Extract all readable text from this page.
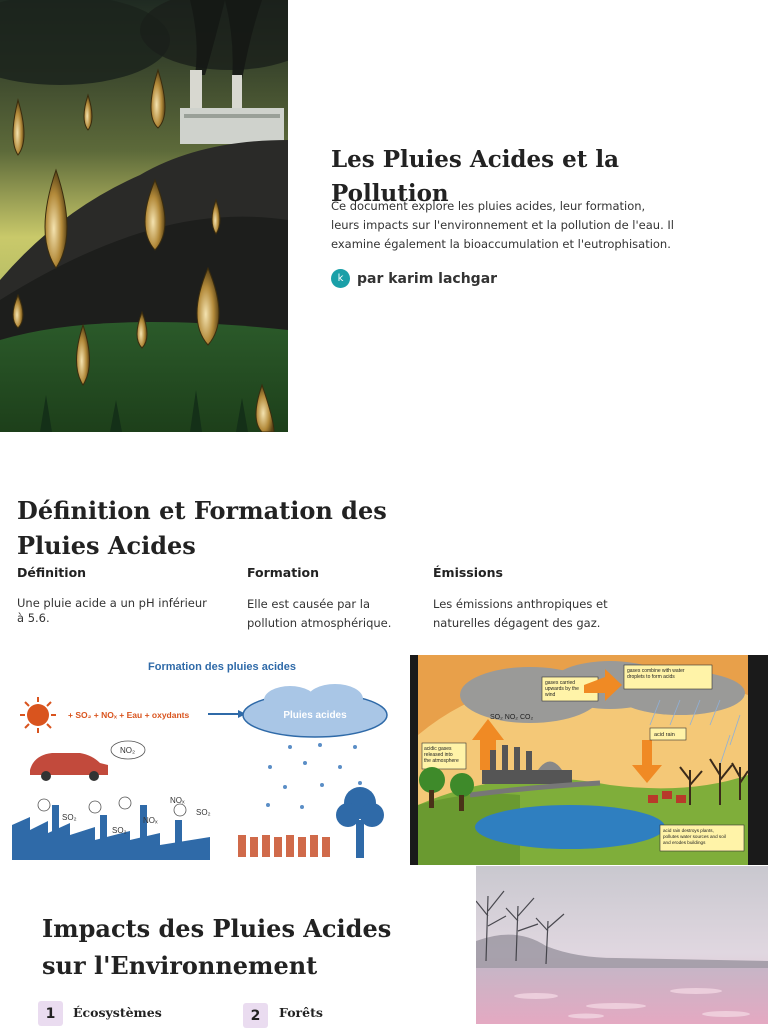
Les Pluies Acides et la Pollution
Ce document explore les pluies acides, leur formation, leurs impacts sur l'environnement et la pollution de l'eau. Il examine également la bioaccumulation et l'eutrophisation.
k par karim lachgar
Définition et Formation des Pluies Acides
Définition
Une pluie acide a un pH inférieur à 5.6.
Formation
Elle est causée par la pollution atmosphérique.
Émissions
Les émissions anthropiques et naturelles dégagent des gaz.
Formation des pluies acides
+ SO₂ + NOₓ + Eau + oxydants	Pluies acides
NO₂
SO₂
SO₂
NOₓ
NOₓ
SO₂
gases carried upwards by the wind
gases combine with water droplets to form acids
SO₂ NO₂ CO₂
acid rain
acidic gases released into the atmosphere
acid rain destroys plants, pollutes water sources and soil and erodes buildings
Impacts des Pluies Acides sur l'Environnement
1	Écosystèmes	2	Forêts
